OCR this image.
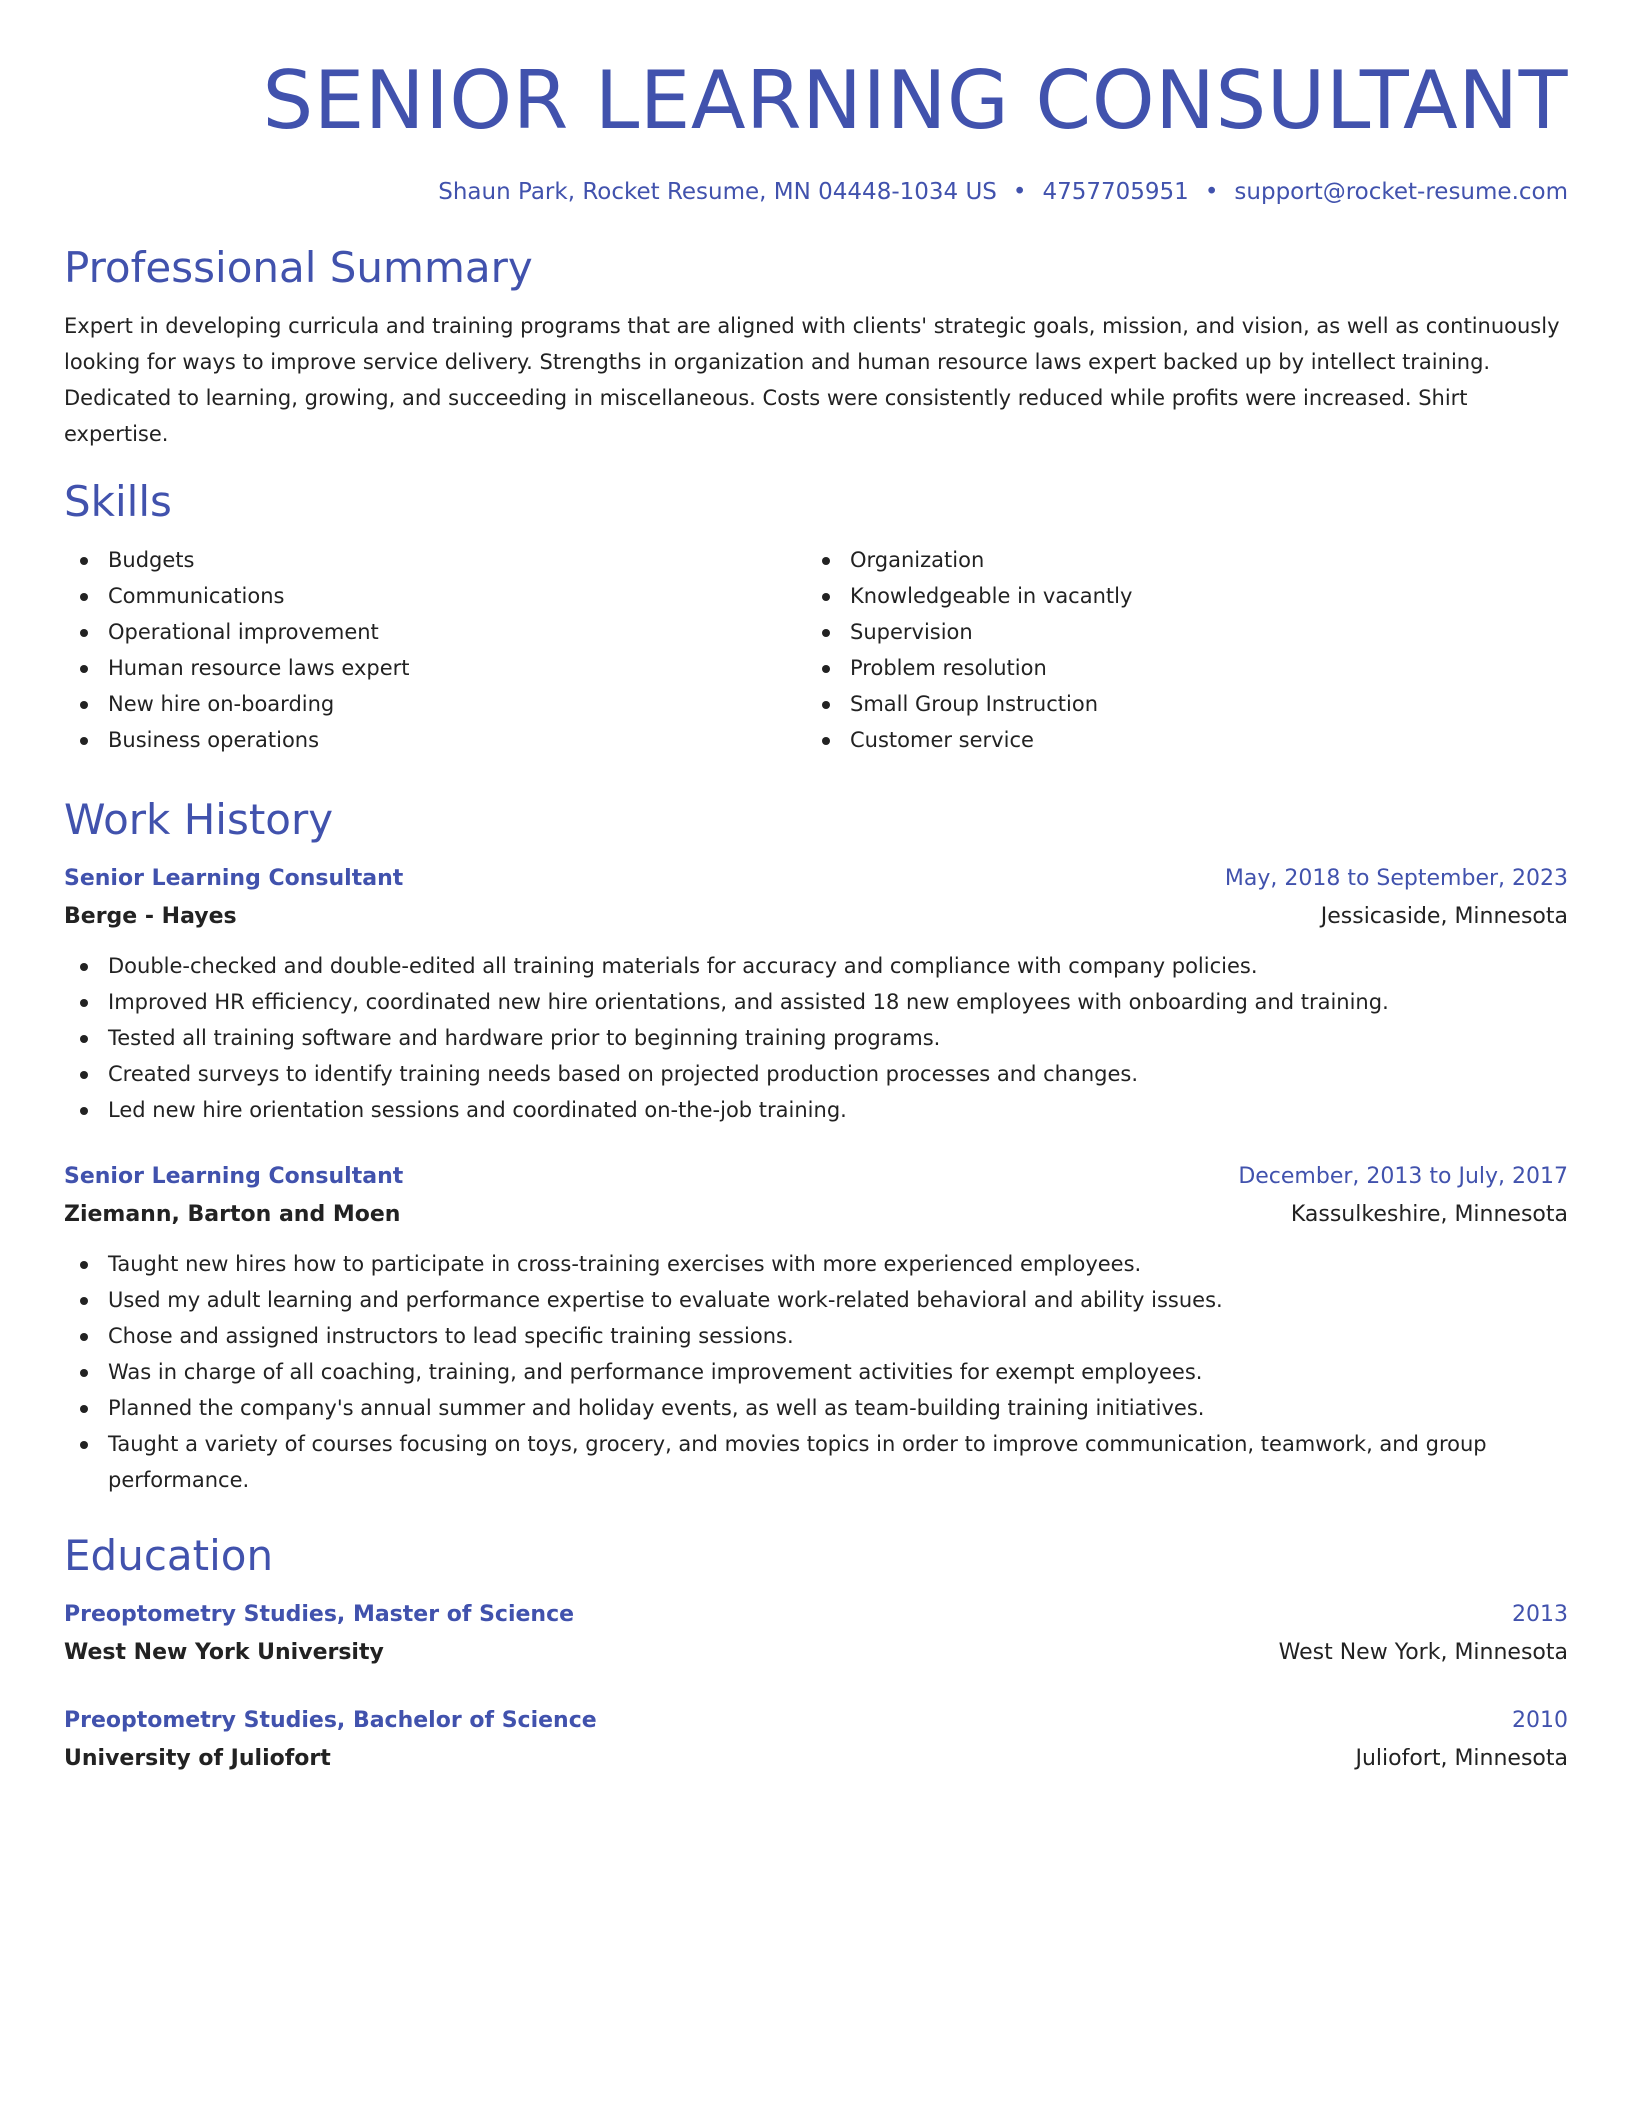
SENIOR LEARNING CONSULTANT
Shaun Park, Rocket Resume, MN 04448-1034 US • 4757705951 • support@rocket-resume.com
Professional Summary
Expert in developing curricula and training programs that are aligned with clients' strategic goals, mission, and vision, as well as continuously looking for ways to improve service delivery. Strengths in organization and human resource laws expert backed up by intellect training. Dedicated to learning, growing, and succeeding in miscellaneous. Costs were consistently reduced while profits were increased. Shirt expertise.
Skills
Budgets
Communications
Operational improvement
Human resource laws expert
New hire on-boarding
Business operations
Organization
Knowledgeable in vacantly
Supervision
Problem resolution
Small Group Instruction
Customer service
Work History
Senior Learning Consultant	May, 2018 to September, 2023
Berge - Hayes	Jessicaside, Minnesota
Double-checked and double-edited all training materials for accuracy and compliance with company policies.
Improved HR efficiency, coordinated new hire orientations, and assisted 18 new employees with onboarding and training.
Tested all training software and hardware prior to beginning training programs.
Created surveys to identify training needs based on projected production processes and changes.
Led new hire orientation sessions and coordinated on-the-job training.
Senior Learning Consultant	December, 2013 to July, 2017
Ziemann, Barton and Moen	Kassulkeshire, Minnesota
Taught new hires how to participate in cross-training exercises with more experienced employees.
Used my adult learning and performance expertise to evaluate work-related behavioral and ability issues.
Chose and assigned instructors to lead specific training sessions.
Was in charge of all coaching, training, and performance improvement activities for exempt employees.
Planned the company's annual summer and holiday events, as well as team-building training initiatives.
Taught a variety of courses focusing on toys, grocery, and movies topics in order to improve communication, teamwork, and group performance.
Education
Preoptometry Studies, Master of Science	2013
West New York University	West New York, Minnesota
Preoptometry Studies, Bachelor of Science	2010
University of Juliofort	Juliofort, Minnesota
